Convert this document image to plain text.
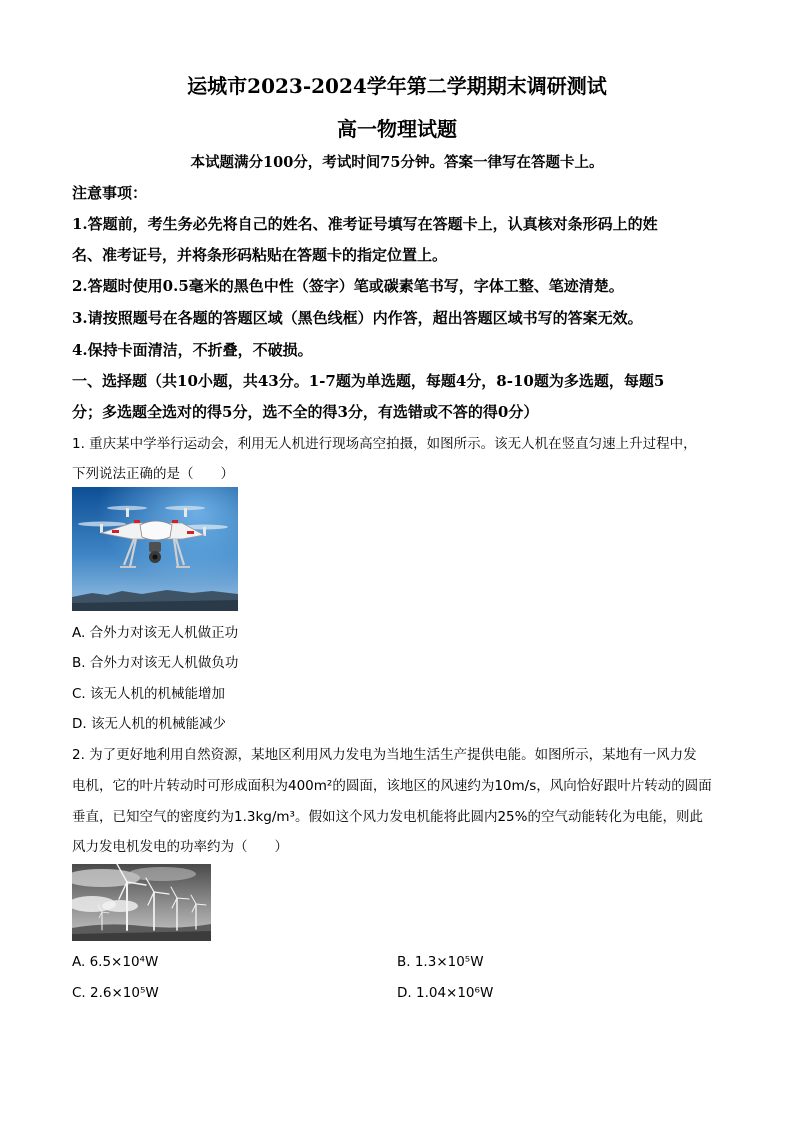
运城市2023-2024学年第二学期期末调研测试
高一物理试题
本试题满分100分，考试时间75分钟。答案一律写在答题卡上。
注意事项：
1.答题前，考生务必先将自己的姓名、准考证号填写在答题卡上，认真核对条形码上的姓
名、准考证号，并将条形码粘贴在答题卡的指定位置上。
2.答题时使用0.5毫米的黑色中性（签字）笔或碳素笔书写，字体工整、笔迹清楚。
3.请按照题号在各题的答题区域（黑色线框）内作答，超出答题区域书写的答案无效。
4.保持卡面清洁，不折叠，不破损。
一、选择题（共10小题，共43分。1-7题为单选题，每题4分，8-10题为多选题，每题5
分；多选题全选对的得5分，选不全的得3分，有选错或不答的得0分）
1. 重庆某中学举行运动会，利用无人机进行现场高空拍摄，如图所示。该无人机在竖直匀速上升过程中，
下列说法正确的是（　　）
A. 合外力对该无人机做正功
B. 合外力对该无人机做负功
C. 该无人机的机械能增加
D. 该无人机的机械能减少
2. 为了更好地利用自然资源，某地区利用风力发电为当地生活生产提供电能。如图所示，某地有一风力发
电机，它的叶片转动时可形成面积为400m²的圆面，该地区的风速约为10m/s，风向恰好跟叶片转动的圆面
垂直，已知空气的密度约为1.3kg/m³。假如这个风力发电机能将此圆内25%的空气动能转化为电能，则此
风力发电机发电的功率约为（　　）
A. 6.5×10⁴W	B. 1.3×10⁵W
C. 2.6×10⁵W	D. 1.04×10⁶W
